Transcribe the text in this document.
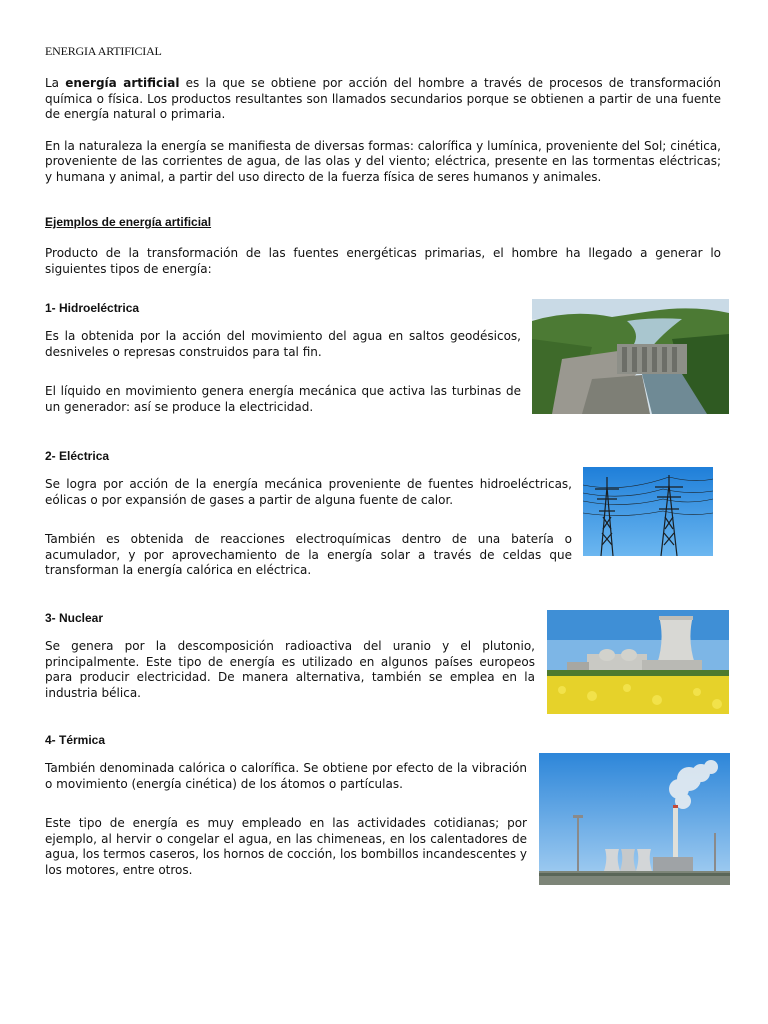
ENERGIA ARTIFICIAL

La energía artificial es la que se obtiene por acción del hombre a través de procesos de transformación química o física. Los productos resultantes son llamados secundarios porque se obtienen a partir de una fuente de energía natural o primaria.

En la naturaleza la energía se manifiesta de diversas formas: calorífica y lumínica, proveniente del Sol; cinética, proveniente de las corrientes de agua, de las olas y del viento; eléctrica, presente en las tormentas eléctricas; y humana y animal, a partir del uso directo de la fuerza física de seres humanos y animales.

Ejemplos de energía artificial

Producto de la transformación de las fuentes energéticas primarias, el hombre ha llegado a generar lo siguientes tipos de energía:

1- Hidroeléctrica

Es la obtenida por la acción del movimiento del agua en saltos geodésicos, desniveles o represas construidos para tal fin.

El líquido en movimiento genera energía mecánica que activa las turbinas de un generador: así se produce la electricidad.

2- Eléctrica

Se logra por acción de la energía mecánica proveniente de fuentes hidroeléctricas, eólicas o por expansión de gases a partir de alguna fuente de calor.

También es obtenida de reacciones electroquímicas dentro de una batería o acumulador, y por aprovechamiento de la energía solar a través de celdas que transforman la energía calórica en eléctrica.

3- Nuclear

Se genera por la descomposición radioactiva del uranio y el plutonio, principalmente. Este tipo de energía es utilizado en algunos países europeos para producir electricidad. De manera alternativa, también se emplea en la industria bélica.

4- Térmica

También denominada calórica o calorífica. Se obtiene por efecto de la vibración o movimiento (energía cinética) de los átomos o partículas.

Este tipo de energía es muy empleado en las actividades cotidianas; por ejemplo, al hervir o congelar el agua, en las chimeneas, en los calentadores de agua, los termos caseros, los hornos de cocción, los bombillos incandescentes y los motores, entre otros.
